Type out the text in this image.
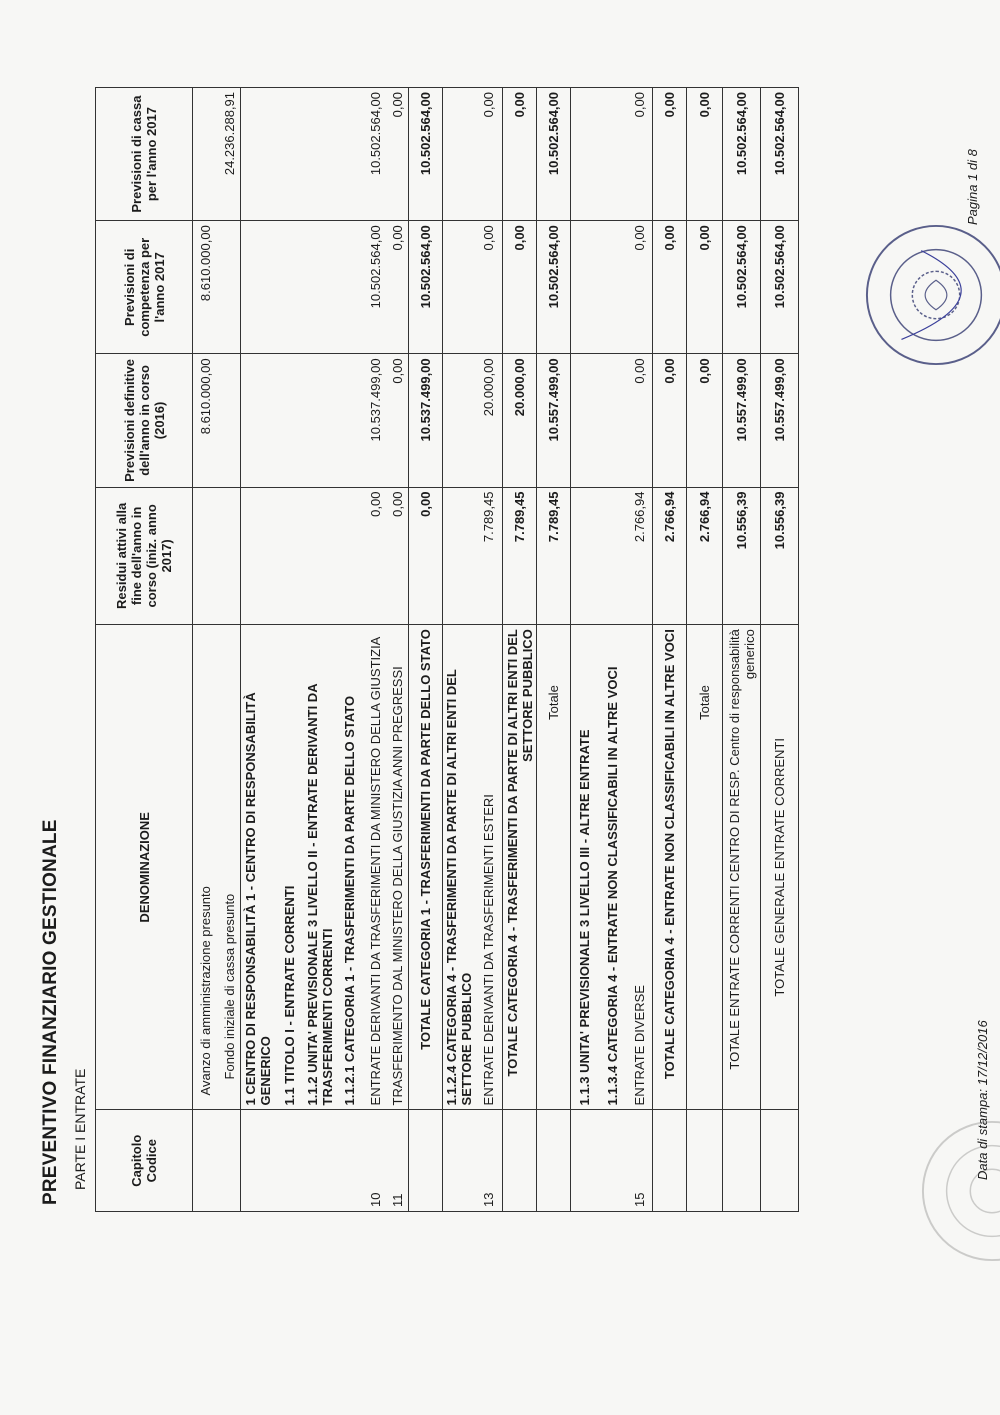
PREVENTIVO FINANZIARIO GESTIONALE PARTE I ENTRATE	Capitolo Codice	DENOMINAZIONE	Residui attivi alla fine dell'anno in corso (iniz. anno 2017)	Previsioni definitive dell'anno in corso (2016)	Previsioni di competenza per l'anno 2017	Previsioni di cassa per l'anno 2017
	Avanzo di amministrazione presunto		8.610.000,00	8.610.000,00	
	Fondo iniziale di cassa presunto				24.236.288,91
	1 CENTRO DI RESPONSABILITÀ 1 - CENTRO DI RESPONSABILITÀ GENERICO				
	1.1 TITOLO I - ENTRATE CORRENTI				
	1.1.2 UNITA' PREVISIONALE 3 LIVELLO II - ENTRATE DERIVANTI DA TRASFERIMENTI CORRENTI				
	1.1.2.1 CATEGORIA 1 - TRASFERIMENTI DA PARTE DELLO STATO				
10	ENTRATE DERIVANTI DA TRASFERIMENTI DA MINISTERO DELLA GIUSTIZIA	0,00	10.537.499,00	10.502.564,00	10.502.564,00
11	TRASFERIMENTO DAL MINISTERO DELLA GIUSTIZIA ANNI PREGRESSI	0,00	0,00	0,00	0,00
	TOTALE CATEGORIA 1 - TRASFERIMENTI DA PARTE DELLO STATO	0,00	10.537.499,00	10.502.564,00	10.502.564,00
	1.1.2.4 CATEGORIA 4 - TRASFERIMENTI DA PARTE DI ALTRI ENTI DEL SETTORE PUBBLICO				
13	ENTRATE DERIVANTI DA TRASFERIMENTI ESTERI	7.789,45	20.000,00	0,00	0,00
	TOTALE CATEGORIA 4 - TRASFERIMENTI DA PARTE DI ALTRI ENTI DEL SETTORE PUBBLICO	7.789,45	20.000,00	0,00	0,00
	Totale	7.789,45	10.557.499,00	10.502.564,00	10.502.564,00
	1.1.3 UNITA' PREVISIONALE 3 LIVELLO III - ALTRE ENTRATE				
	1.1.3.4 CATEGORIA 4 - ENTRATE NON CLASSIFICABILI IN ALTRE VOCI				
15	ENTRATE DIVERSE	2.766,94	0,00	0,00	0,00
	TOTALE CATEGORIA 4 - ENTRATE NON CLASSIFICABILI IN ALTRE VOCI	2.766,94	0,00	0,00	0,00
	Totale	2.766,94	0,00	0,00	0,00
	TOTALE ENTRATE CORRENTI CENTRO DI RESP. Centro di responsabilità generico	10.556,39	10.557.499,00	10.502.564,00	10.502.564,00
	TOTALE GENERALE ENTRATE CORRENTI	10.556,39	10.557.499,00	10.502.564,00	10.502.564,00
Data di stampa: 17/12/2016
Pagina 1 di 8
